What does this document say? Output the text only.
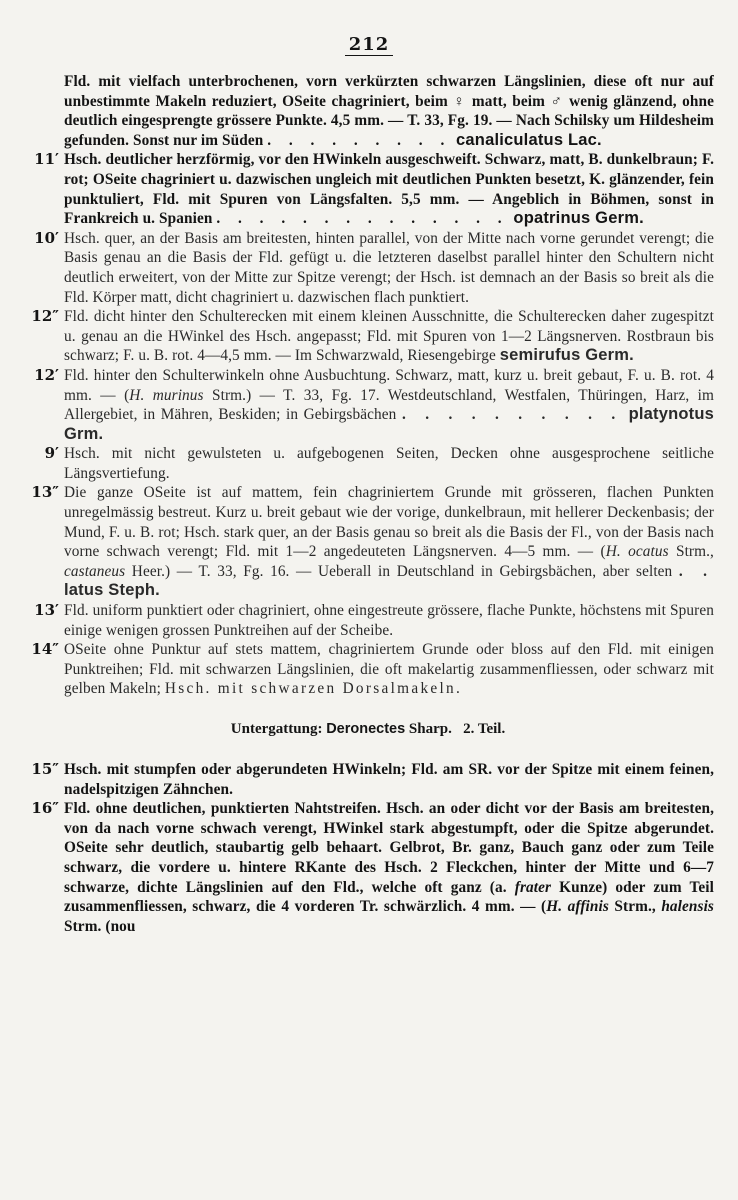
212
Fld. mit vielfach unterbrochenen, vorn verkürzten schwarzen Längslinien, diese oft nur auf unbestimmte Makeln reduziert, OSeite chagriniert, beim ♀ matt, beim ♂ wenig glänzend, ohne deutlich eingesprengte grössere Punkte. 4,5 mm. — T. 33, Fg. 19. — Nach Schilsky um Hildesheim gefunden. Sonst nur im Süden . . . . . . . . . canaliculatus Lac.
11′ Hsch. deutlicher herzförmig, vor den HWinkeln ausgeschweift. Schwarz, matt, B. dunkelbraun; F. rot; OSeite chagriniert u. dazwischen ungleich mit deutlichen Punkten besetzt, K. glänzender, fein punktuliert, Fld. mit Spuren von Längsfalten. 5,5 mm. — Angeblich in Böhmen, sonst in Frankreich u. Spanien . . . . . . . . . . . . . . opatrinus Germ.
10′ Hsch. quer, an der Basis am breitesten, hinten parallel, von der Mitte nach vorne gerundet verengt; die Basis genau an die Basis der Fld. gefügt u. die letzteren daselbst parallel hinter den Schultern nicht deutlich erweitert, von der Mitte zur Spitze verengt; der Hsch. ist demnach an der Basis so breit als die Fld. Körper matt, dicht chagriniert u. dazwischen flach punktiert.
12″ Fld. dicht hinter den Schulterecken mit einem kleinen Ausschnitte, die Schulterecken daher zugespitzt u. genau an die HWinkel des Hsch. angepasst; Fld. mit Spuren von 1—2 Längsnerven. Rostbraun bis schwarz; F. u. B. rot. 4—4,5 mm. — Im Schwarzwald, Riesengebirge semirufus Germ.
12′ Fld. hinter den Schulterwinkeln ohne Ausbuchtung. Schwarz, matt, kurz u. breit gebaut, F. u. B. rot. 4 mm. — (H. murinus Strm.) — T. 33, Fg. 17. Westdeutschland, Westfalen, Thüringen, Harz, im Allergebiet, in Mähren, Beskiden; in Gebirgsbächen . . . . . . . . . . platynotus Grm.
9′ Hsch. mit nicht gewulsteten u. aufgebogenen Seiten, Decken ohne ausgesprochene seitliche Längsvertiefung.
13″ Die ganze OSeite ist auf mattem, fein chagriniertem Grunde mit grösseren, flachen Punkten unregelmässig bestreut. Kurz u. breit gebaut wie der vorige, dunkelbraun, mit hellerer Deckenbasis; der Mund, F. u. B. rot; Hsch. stark quer, an der Basis genau so breit als die Basis der Fl., von der Basis nach vorne schwach verengt; Fld. mit 1—2 angedeuteten Längsnerven. 4—5 mm. — (H. ocatus Strm., castaneus Heer.) — T. 33, Fg. 16. — Ueberall in Deutschland in Gebirgsbächen, aber selten . . latus Steph.
13′ Fld. uniform punktiert oder chagriniert, ohne eingestreute grössere, flache Punkte, höchstens mit Spuren einige wenigen grossen Punktreihen auf der Scheibe.
14″ OSeite ohne Punktur auf stets mattem, chagriniertem Grunde oder bloss auf den Fld. mit einigen Punktreihen; Fld. mit schwarzen Längslinien, die oft makelartig zusammenfliessen, oder schwarz mit gelben Makeln; Hsch. mit schwarzen Dorsalmakeln.
Untergattung: Deronectes Sharp. 2. Teil.
15″ Hsch. mit stumpfen oder abgerundeten HWinkeln; Fld. am SR. vor der Spitze mit einem feinen, nadelspitzigen Zähnchen.
16″ Fld. ohne deutlichen, punktierten Nahtstreifen. Hsch. an oder dicht vor der Basis am breitesten, von da nach vorne schwach verengt, HWinkel stark abgestumpft, oder die Spitze abgerundet. OSeite sehr deutlich, staubartig gelb behaart. Gelbrot, Br. ganz, Bauch ganz oder zum Teile schwarz, die vordere u. hintere RKante des Hsch. 2 Fleckchen, hinter der Mitte und 6—7 schwarze, dichte Längslinien auf den Fld., welche oft ganz (a. frater Kunze) oder zum Teil zusammenfliessen, schwarz, die 4 vorderen Tr. schwärzlich. 4 mm. — (H. affinis Strm., halensis Strm. (nou
